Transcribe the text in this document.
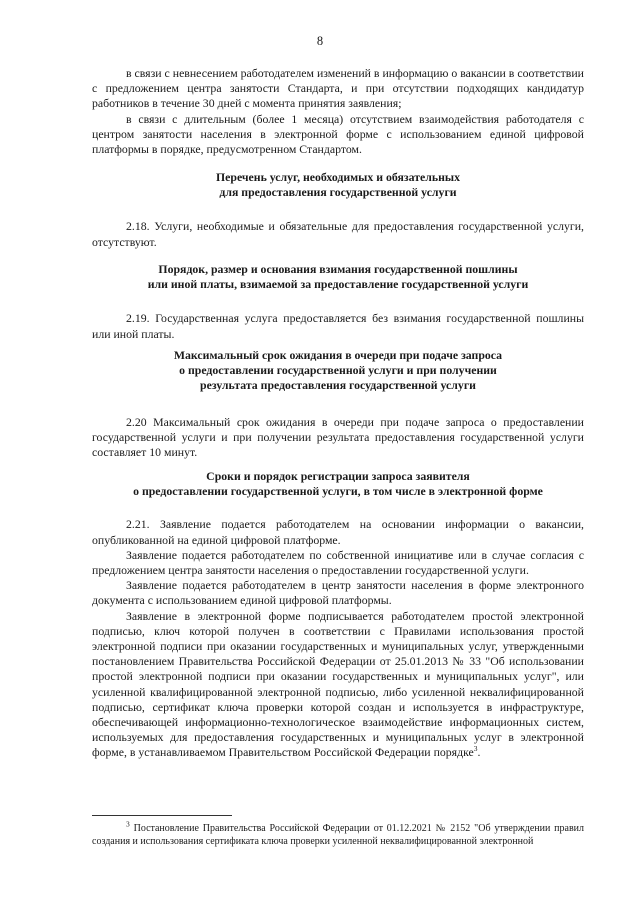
8

в связи с невнесением работодателем изменений в информацию о вакансии в соответствии с предложением центра занятости Стандарта, и при отсутствии подходящих кандидатур работников в течение 30 дней с момента принятия заявления;

в связи с длительным (более 1 месяца) отсутствием взаимодействия работодателя с центром занятости населения в электронной форме с использованием единой цифровой платформы в порядке, предусмотренном Стандартом.

Перечень услуг, необходимых и обязательных
для предоставления государственной услуги

2.18. Услуги, необходимые и обязательные для предоставления государственной услуги, отсутствуют.

Порядок, размер и основания взимания государственной пошлины
или иной платы, взимаемой за предоставление государственной услуги

2.19. Государственная услуга предоставляется без взимания государственной пошлины или иной платы.

Максимальный срок ожидания в очереди при подаче запроса
о предоставлении государственной услуги и при получении
результата предоставления государственной услуги

2.20 Максимальный срок ожидания в очереди при подаче запроса о предоставлении государственной услуги и при получении результата предоставления государственной услуги составляет 10 минут.

Сроки и порядок регистрации запроса заявителя
о предоставлении государственной услуги, в том числе в электронной форме

2.21. Заявление подается работодателем на основании информации о вакансии, опубликованной на единой цифровой платформе.

Заявление подается работодателем по собственной инициативе или в случае согласия с предложением центра занятости населения о предоставлении государственной услуги.

Заявление подается работодателем в центр занятости населения в форме электронного документа с использованием единой цифровой платформы.

Заявление в электронной форме подписывается работодателем простой электронной подписью, ключ которой получен в соответствии с Правилами использования простой электронной подписи при оказании государственных и муниципальных услуг, утвержденными постановлением Правительства Российской Федерации от 25.01.2013 № 33 "Об использовании простой электронной подписи при оказании государственных и муниципальных услуг", или усиленной квалифицированной электронной подписью, либо усиленной неквалифицированной подписью, сертификат ключа проверки которой создан и используется в инфраструктуре, обеспечивающей информационно-технологическое взаимодействие информационных систем, используемых для предоставления государственных и муниципальных услуг в электронной форме, в устанавливаемом Правительством Российской Федерации порядке$^3$.

$^3$ Постановление Правительства Российской Федерации от 01.12.2021 № 2152 "Об утверждении правил создания и использования сертификата ключа проверки усиленной неквалифицированной электронной
